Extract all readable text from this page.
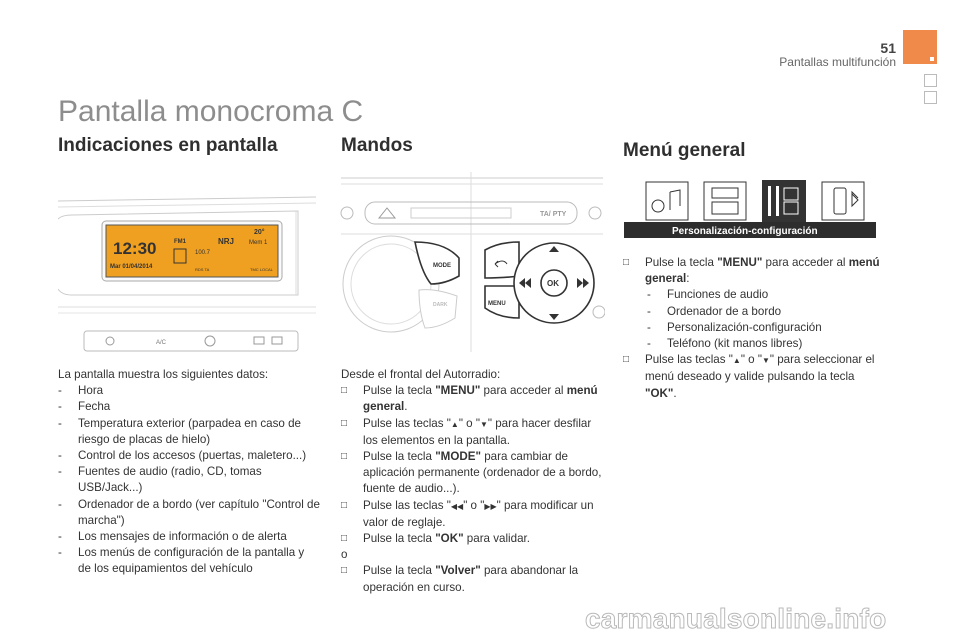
51
Pantallas multifunción
Pantalla monocroma C
Indicaciones en pantalla
12:30	FM1	NRJ Mem 1
20°
100.7
Mar 01/04/2014	RDS TA	TMC LOCAL
A/C
La pantalla muestra los siguientes datos:
- Hora
- Fecha
- Temperatura exterior (parpadea en caso de riesgo de placas de hielo)
- Control de los accesos (puertas, maletero...)
- Fuentes de audio (radio, CD, tomas USB/Jack...)
- Ordenador de a bordo (ver capítulo "Control de marcha")
- Los mensajes de información o de alerta
- Los menús de configuración de la pantalla y de los equipamientos del vehículo
Mandos
TA/ PTY
MODE
DARK	MENU
OK
Desde el frontal del Autorradio:
□ Pulse la tecla "MENU" para acceder al menú general.
□ Pulse las teclas "▲" o "▼" para hacer desfilar los elementos en la pantalla.
□ Pulse la tecla "MODE" para cambiar de aplicación permanente (ordenador de a bordo, fuente de audio...).
□ Pulse las teclas "◀◀" o "▶▶" para modificar un valor de reglaje.
□ Pulse la tecla "OK" para validar.
o
□ Pulse la tecla "Volver" para abandonar la operación en curso.
Menú general
Personalización-configuración
□ Pulse la tecla "MENU" para acceder al menú general:
- Funciones de audio
- Ordenador de a bordo
- Personalización-configuración
- Teléfono (kit manos libres)
□ Pulse las teclas "▲" o "▼" para seleccionar el menú deseado y valide pulsando la tecla "OK".
carmanualsonline.info
